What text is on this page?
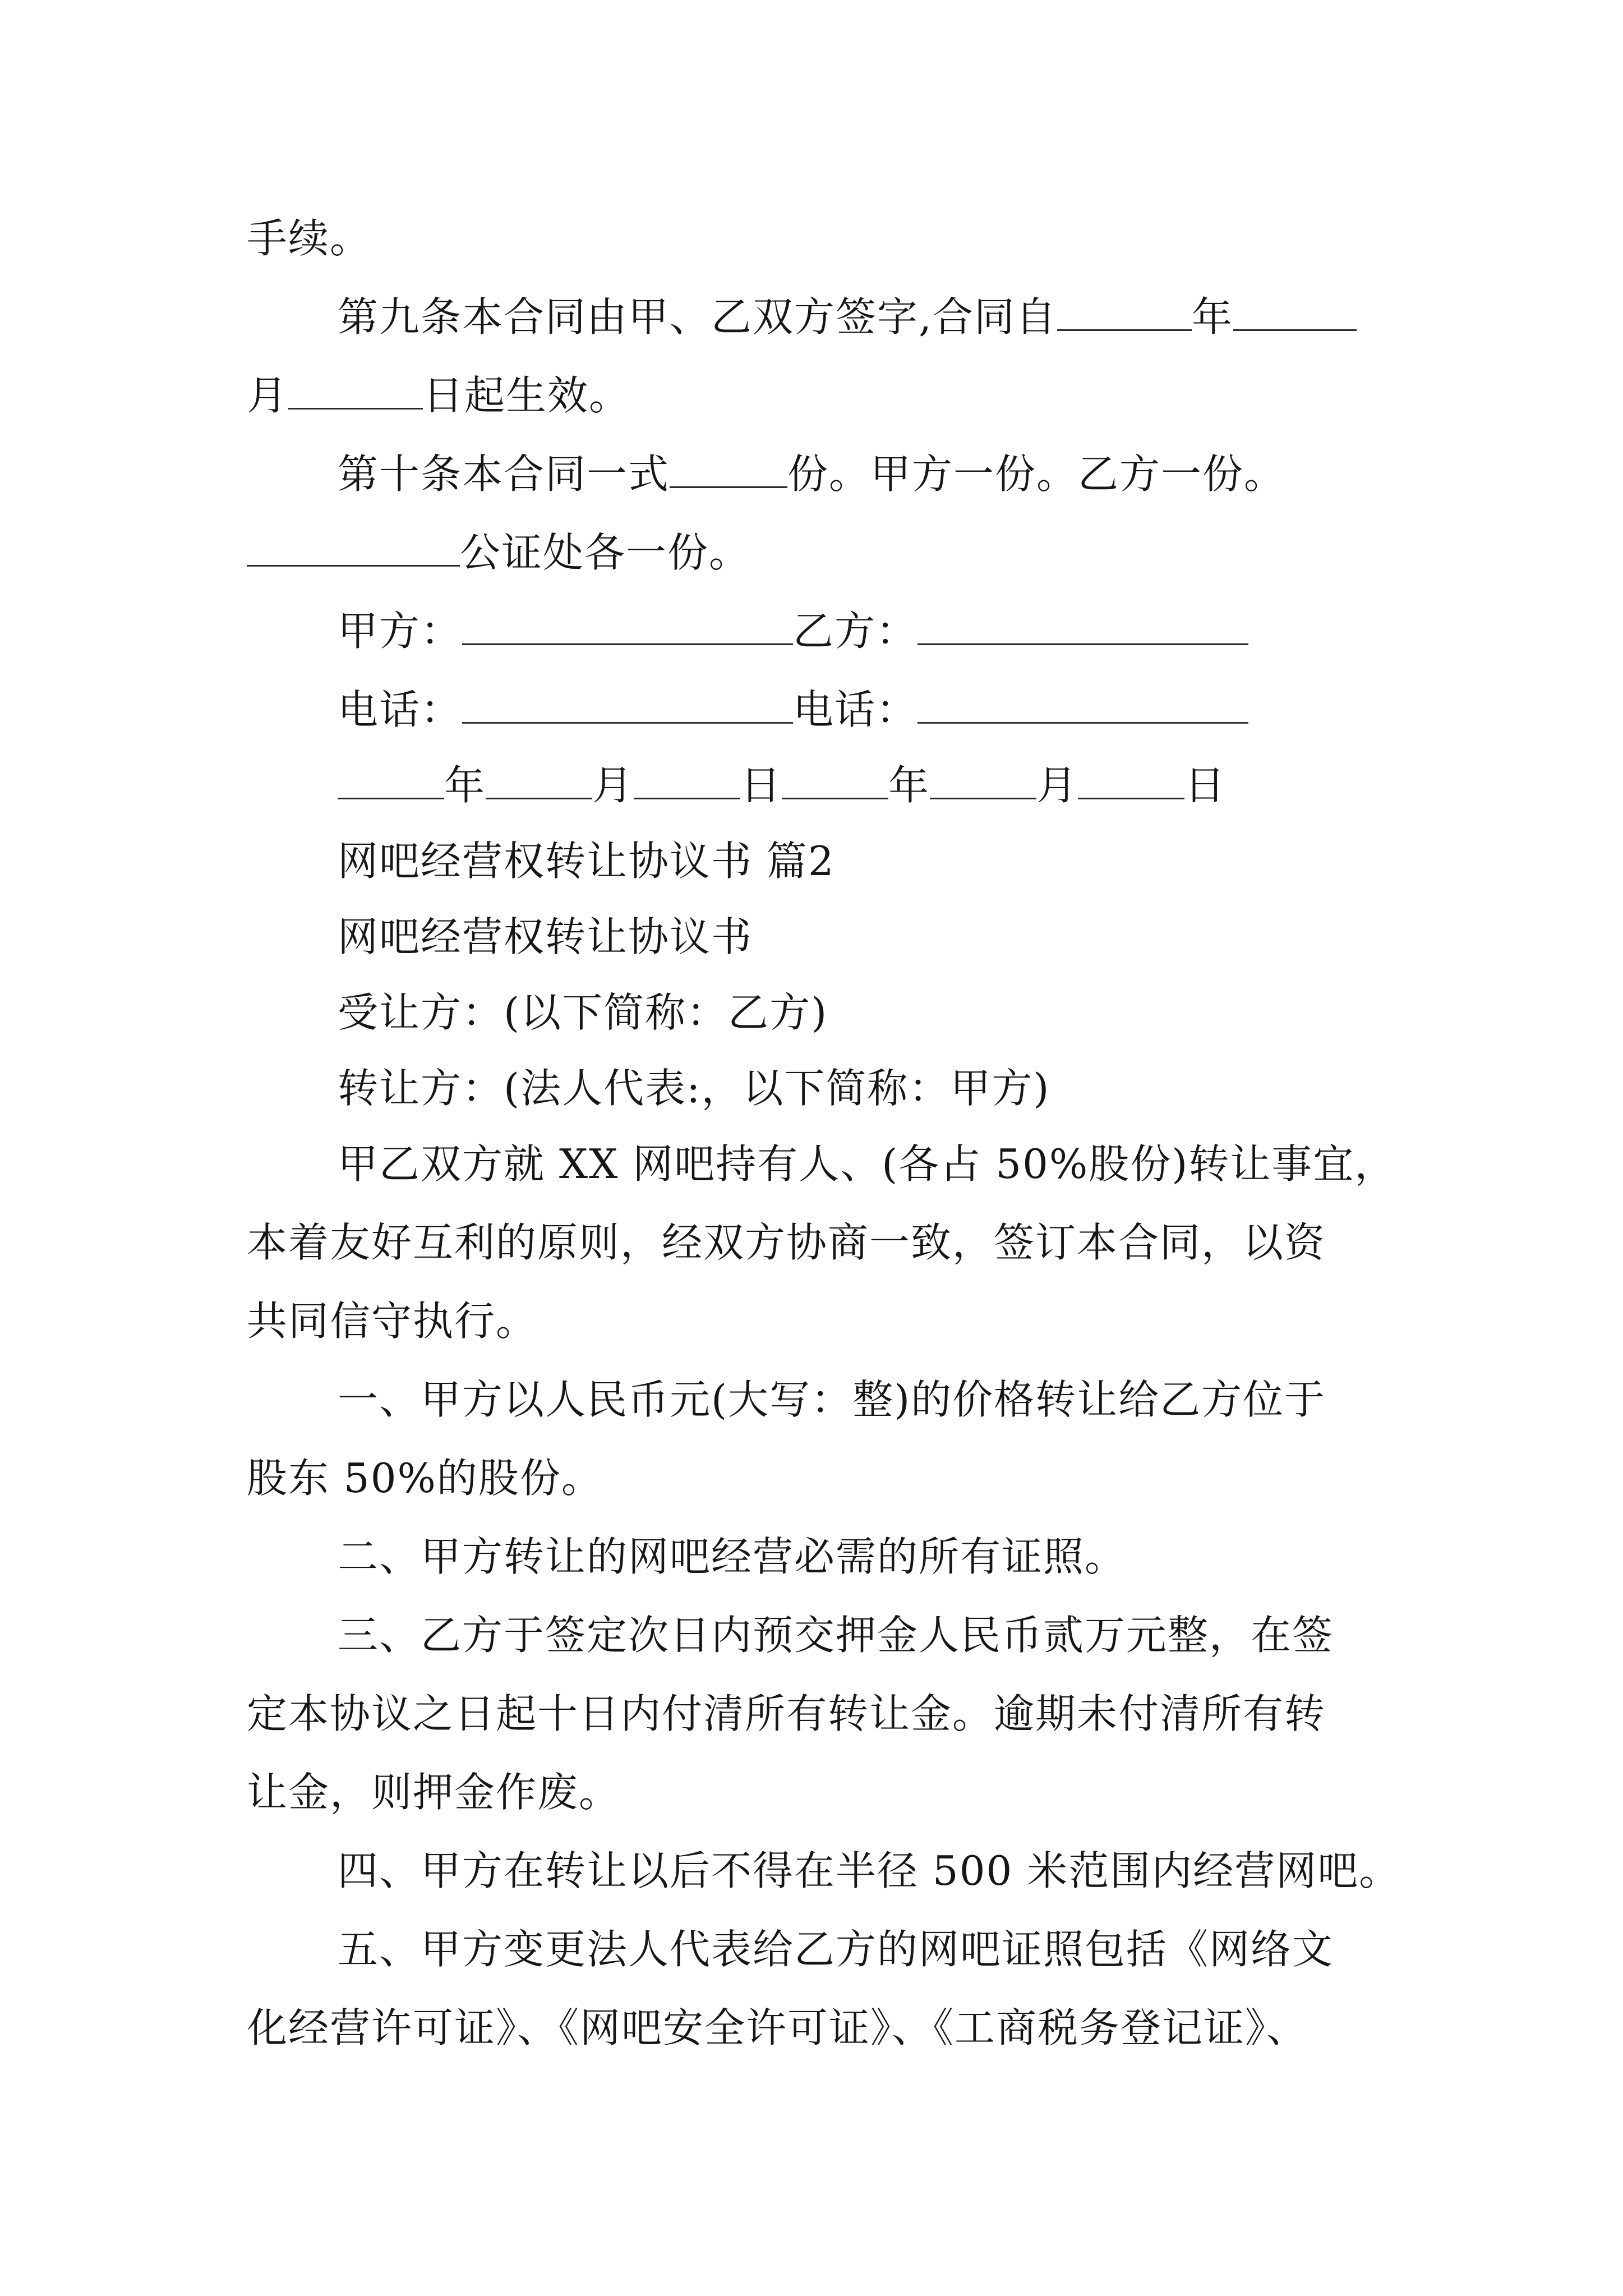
手续。
第九条本合同由甲、乙双方签字,合同自	年
月	日起生效。
第十条本合同一式	份。甲方一份。乙方一份。
公证处各一份。
甲方：	乙方：
电话：	电话：
年	月	日	年	月	日
网吧经营权转让协议书 篇2
网吧经营权转让协议书
受让方：(以下简称：乙方)
转让方：(法人代表:，以下简称：甲方)
甲乙双方就 XX 网吧持有人、(各占 50%股份)转让事宜，
本着友好互利的原则，经双方协商一致，签订本合同，以资
共同信守执行。
一、甲方以人民币元(大写：整)的价格转让给乙方位于
股东 50%的股份。
二、甲方转让的网吧经营必需的所有证照。
三、乙方于签定次日内预交押金人民币贰万元整，在签
定本协议之日起十日内付清所有转让金。逾期未付清所有转
让金，则押金作废。
四、甲方在转让以后不得在半径 500 米范围内经营网吧。
五、甲方变更法人代表给乙方的网吧证照包括《网络文
化经营许可证》、《网吧安全许可证》、《工商税务登记证》、
